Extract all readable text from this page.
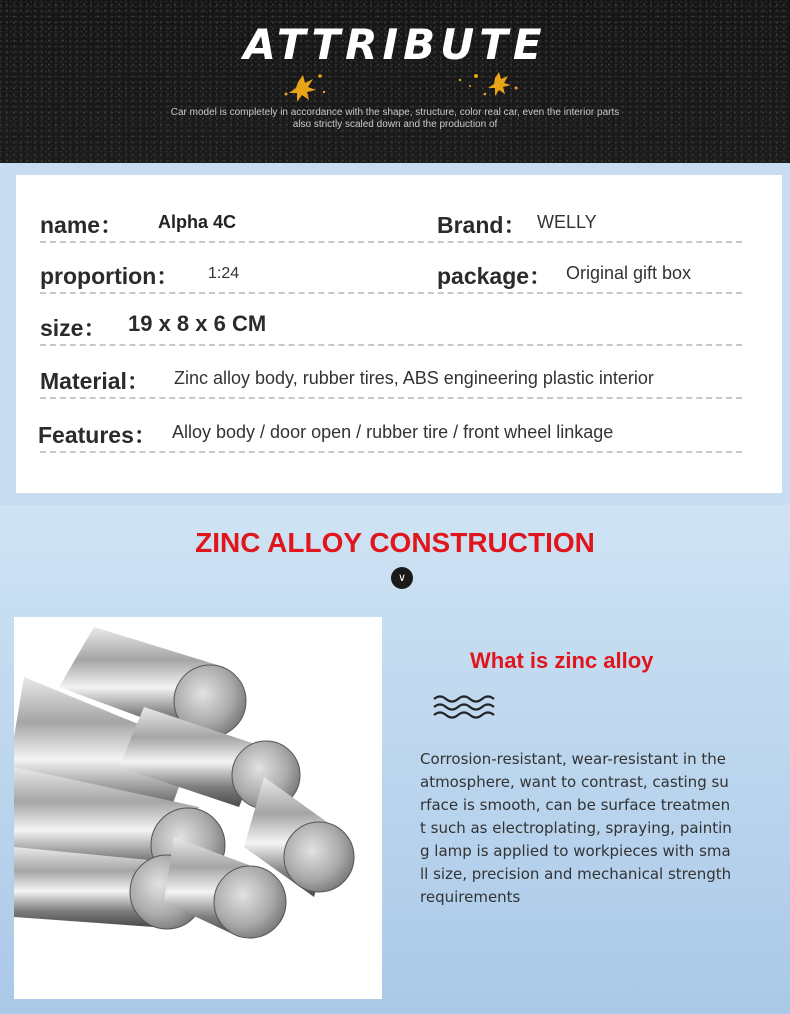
ATTRIBUTE
Car model is completely in accordance with the shape, structure, color real car, even the interior parts also strictly scaled down and the production of
name： Alpha 4C	Brand： WELLY
proportion： 1:24	package： Original gift box
size： 19 x 8 x 6 CM
Material： Zinc alloy body, rubber tires, ABS engineering plastic interior
Features： Alloy body / door open / rubber tire / front wheel linkage
ZINC ALLOY CONSTRUCTION
∨
What is zinc alloy
Corrosion-resistant, wear-resistant in the
atmosphere, want to contrast, casting su
rface is smooth, can be surface treatmen
t such as electroplating, spraying, paintin
g lamp is applied to workpieces with sma
ll size, precision and mechanical strength
requirements
